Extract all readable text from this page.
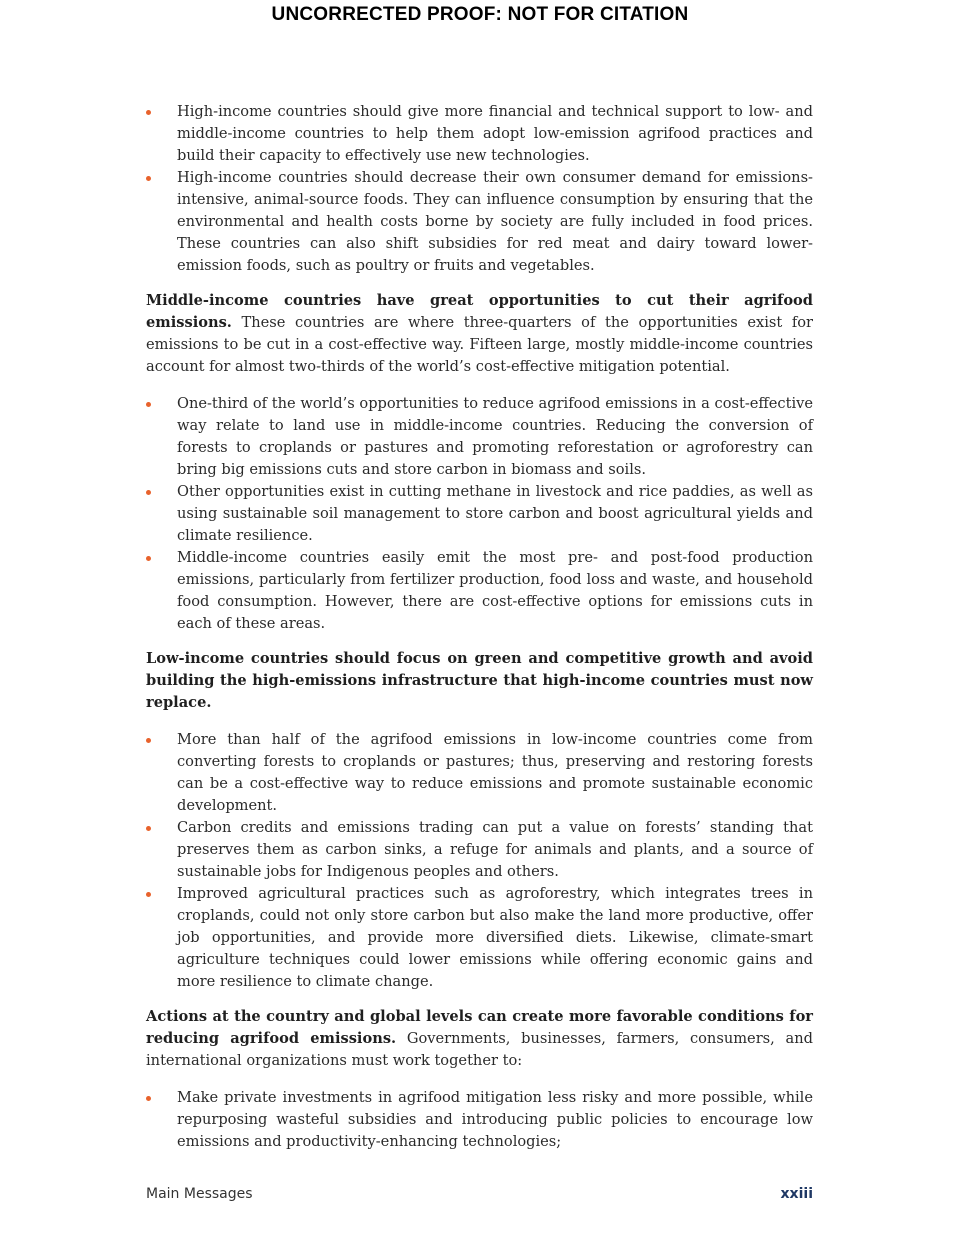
UNCORRECTED PROOF: NOT FOR CITATION
High-income countries should give more financial and technical support to low- and middle-income countries to help them adopt low-emission agrifood practices and build their capacity to effectively use new technologies.
High-income countries should decrease their own consumer demand for emissions-intensive, animal-source foods. They can influence consumption by ensuring that the environmental and health costs borne by society are fully included in food prices. These countries can also shift subsidies for red meat and dairy toward lower-emission foods, such as poultry or fruits and vegetables.

Middle-income countries have great opportunities to cut their agrifood emissions. These countries are where three-quarters of the opportunities exist for emissions to be cut in a cost-effective way. Fifteen large, mostly middle-income countries account for almost two-thirds of the world’s cost-effective mitigation potential.

One-third of the world’s opportunities to reduce agrifood emissions in a cost-effective way relate to land use in middle-income countries. Reducing the conversion of forests to croplands or pastures and promoting reforestation or agroforestry can bring big emissions cuts and store carbon in biomass and soils.
Other opportunities exist in cutting methane in livestock and rice paddies, as well as using sustainable soil management to store carbon and boost agricultural yields and climate resilience.
Middle-income countries easily emit the most pre- and post-food production emissions, particularly from fertilizer production, food loss and waste, and household food consumption. However, there are cost-effective options for emissions cuts in each of these areas.

Low-income countries should focus on green and competitive growth and avoid building the high-emissions infrastructure that high-income countries must now replace.

More than half of the agrifood emissions in low-income countries come from converting forests to croplands or pastures; thus, preserving and restoring forests can be a cost-effective way to reduce emissions and promote sustainable economic development.
Carbon credits and emissions trading can put a value on forests’ standing that preserves them as carbon sinks, a refuge for animals and plants, and a source of sustainable jobs for Indigenous peoples and others.
Improved agricultural practices such as agroforestry, which integrates trees in croplands, could not only store carbon but also make the land more productive, offer job opportunities, and provide more diversified diets. Likewise, climate-smart agriculture techniques could lower emissions while offering economic gains and more resilience to climate change.

Actions at the country and global levels can create more favorable conditions for reducing agrifood emissions. Governments, businesses, farmers, consumers, and international organizations must work together to:

Make private investments in agrifood mitigation less risky and more possible, while repurposing wasteful subsidies and introducing public policies to encourage low emissions and productivity-enhancing technologies;
Main Messages	xxiii
